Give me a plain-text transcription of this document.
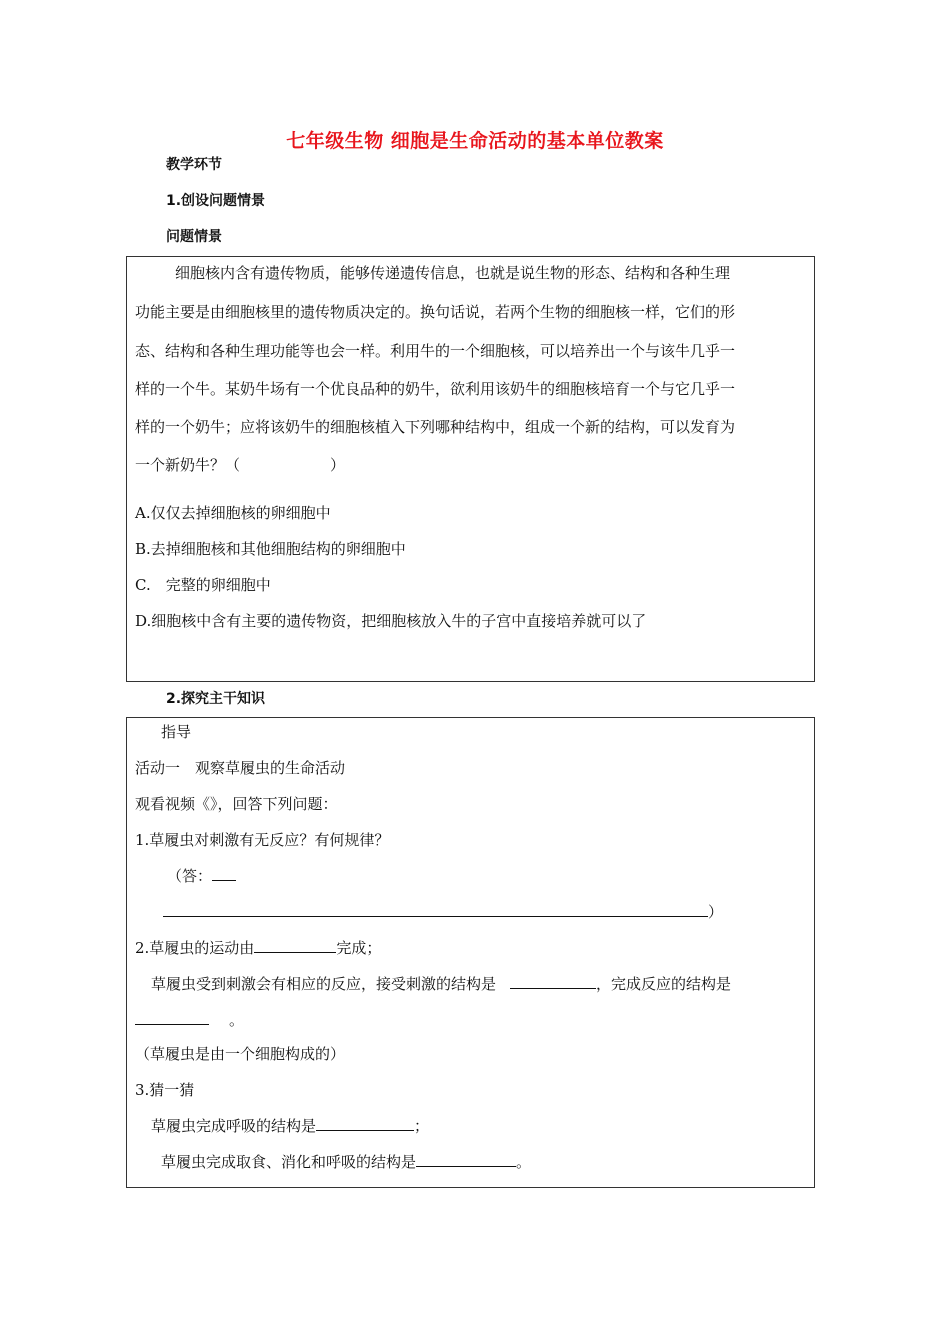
七年级生物 细胞是生命活动的基本单位教案
教学环节
1.创设问题情景
问题情景
细胞核内含有遗传物质，能够传递遗传信息，也就是说生物的形态、结构和各种生理
功能主要是由细胞核里的遗传物质决定的。换句话说，若两个生物的细胞核一样，它们的形
态、结构和各种生理功能等也会一样。利用牛的一个细胞核，可以培养出一个与该牛几乎一
样的一个牛。某奶牛场有一个优良品种的奶牛，欲利用该奶牛的细胞核培育一个与它几乎一
样的一个奶牛；应将该奶牛的细胞核植入下列哪种结构中，组成一个新的结构，可以发育为
一个新奶牛？（　　　　　　）
A.仅仅去掉细胞核的卵细胞中
B.去掉细胞核和其他细胞结构的卵细胞中
C.　完整的卵细胞中
D.细胞核中含有主要的遗传物资，把细胞核放入牛的子宫中直接培养就可以了
2.探究主干知识
指导
活动一　观察草履虫的生命活动
观看视频《》，回答下列问题：
1.草履虫对刺激有无反应？有何规律？
（答：
）
2.草履虫的运动由	完成；
草履虫受到刺激会有相应的反应，接受刺激的结构是	，完成反应的结构是
。
（草履虫是由一个细胞构成的）
3.猜一猜
草履虫完成呼吸的结构是	；
草履虫完成取食、消化和呼吸的结构是	。
